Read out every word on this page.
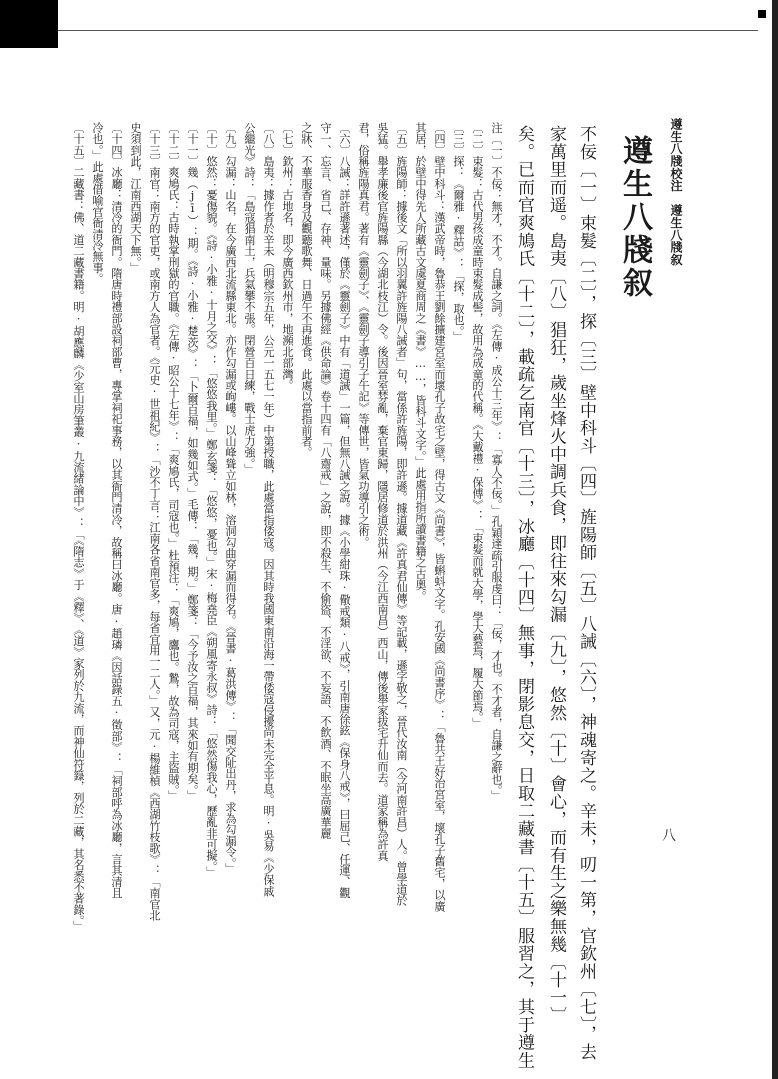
遵生八牋校注　遵生八牋叙
遵生八牋叙
不佞〔一〕束髮〔二〕，探〔三〕壁中科斗〔四〕旌陽師〔五〕八誡〔六〕，神魂寄之。辛未，叨一第，官欽州〔七〕，去
家萬里而遥。島夷〔八〕猖狂，歲坐烽火中調兵食，即往來勾漏〔九〕，悠然〔十〕會心，而有生之樂無幾〔十一〕
矣。已而官爽鳩氏〔十二〕，載疏乞南官〔十三〕，冰廳〔十四〕無事，閉影息交，日取二藏書〔十五〕服習之，其于遵生
注〔一〕不佞：無才，不才。自謙之詞。《左傳·成公十三年》：「寡人不佞。」孔穎達疏引服虔曰：「佞，才也。不才者，自謙之辭也。」
〔二〕束髮：古代男孩成童時束髮成髻，故用為成童的代稱。《大戴禮·保傅》：「束髮而就大學，學大藝焉，履大節焉。」
〔三〕探：《爾雅·釋詁》：「探，取也。」
〔四〕壁中科斗：漢武帝時，魯恭王劉餘擴建宮室而壞孔子故宅之壁，得古文《尚書》，皆蝌蚪文字。孔安國《尚書序》：「魯共王好治宮室，壞孔子舊宅，以廣
其居，於壁中得先人所藏古文虞夏商周之《書》……，皆科斗文字。」此處用指所讀書籍之古奧。
〔五〕旌陽師：據後文「所以羽翼許旌陽八誡者」句，當係許旌陽，即許遜。據道藏《許真君仙傳》等記載，遜字敬之，晉代汝南（今河南許昌）人。曾學道於
吳猛。舉孝廉後官旌陽縣（今湖北枝江）令。後因晉室棼亂，棄官東歸，隱居修道於洪州（今江西南昌）西山，傳後舉家拔宅升仙而去。道家稱為許真
君，俗稱旌陽真君。著有《靈劍子》、《靈劍子導引子午記》等傳世，皆氣功導引之術。
〔六〕八誡：詳許遜著述，僅於《靈劍子》中有「道誡」一篇，但無八誡之說。據《小學紺珠·儆戒類·八戒》，引南唐徐鉉《保身八戒》，曰屈己、任運、觀
守一、忘言、省己、存神、量味。另據佛經《供命論》卷十四有「八齋戒」之說，即不殺生、不偷盜、不淫欲、不妄語、不飲酒、不眠坐高廣華麗
之牀、不華服香身及觀聽歌舞、日過午不再進食。此處以當指前者。
〔七〕欽州：古地名，即今廣西欽州市，地瀕北部灣。
〔八〕島夷：據作者於辛未（明穆宗五年，公元一五七一年）中第授職，此處當指倭寇。因其時我國東南沿海一帶倭寇侵擾尚未完全平息。明·吳易《少保戚
公繼光》詩：「島寇猖南土，兵氣攀不張。閉營百日練，戰士虎力強。」
〔九〕勾漏：山名，在今廣西北流縣東北。亦作勾漏或岣嶁。以山峰聳立如林，溶洞勾曲穿漏而得名。《晉書·葛洪傳》：「聞交阯出丹，求為勾漏令。」
〔十〕悠然：憂傷貌。《詩·小雅·十月之交》：「悠悠我里。」鄭玄箋：「悠悠，憂也。」宋·梅堯臣《朔風寄永叔》詩：「悠然傷我心，歷亂非可擬。」
〔十一〕幾（jī）：期。《詩·小雅·楚茨》：「卜爾百福，如幾如式。」毛傳：「幾，期。」鄭箋：「今予汝之百福，其來如有期矣。」
〔十二〕爽鳩氏：古時執掌刑獄的官職。《左傳·昭公十七年》：「爽鳩氏，司寇也。」杜預注：「爽鳩，鷹也。鷙，故為司寇，主盜賊。」
〔十三〕南官：南方的官吏，或南方人為官者。《元史·世祖紀》：「沙不丁言：江南各省南官多，每省宜用一二人。」又，元·楊維楨《西湖竹枝歌》：「南官北
史須到此，江南西湖天下無。」
〔十四〕冰廳：清冷的衙門。隋唐時禮部設祠部曹，專掌祠祀事務，以其衙門清冷，故稱曰冰廳。唐·趙璘《因話錄五·徵部》：「祠部呼為冰廳，言其清且
冷也。」此處借喻官衙清冷無事。
〔十五〕二藏書：佛、道二藏書籍。明·胡應麟《少室山房筆叢·九流緒論中》：「《隋志》于《釋》、《道》家列於九流，而神仙符籙，列於二藏，其名悉不著錄。」	八
